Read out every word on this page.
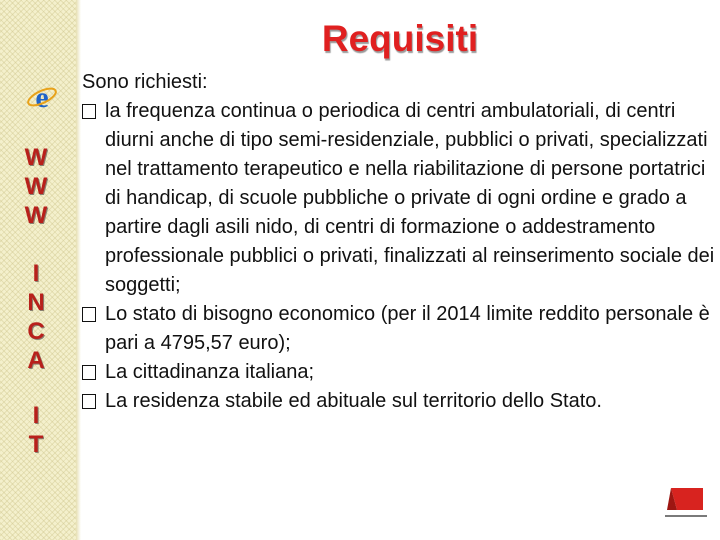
e
W
W
W
I
N
C
A
I
T
Requisiti
Sono richiesti:
la frequenza continua o periodica di centri ambulatoriali, di centri diurni anche di tipo semi-residenziale, pubblici o privati, specializzati nel trattamento terapeutico e nella riabilitazione di persone portatrici di handicap, di scuole pubbliche o private di ogni ordine e grado a partire dagli asili nido, di centri di formazione o addestramento professionale pubblici o privati, finalizzati al reinserimento sociale dei soggetti;
Lo stato di bisogno economico (per il 2014 limite reddito personale è pari a 4795,57 euro);
La cittadinanza italiana;
La residenza stabile ed abituale sul territorio dello Stato.
